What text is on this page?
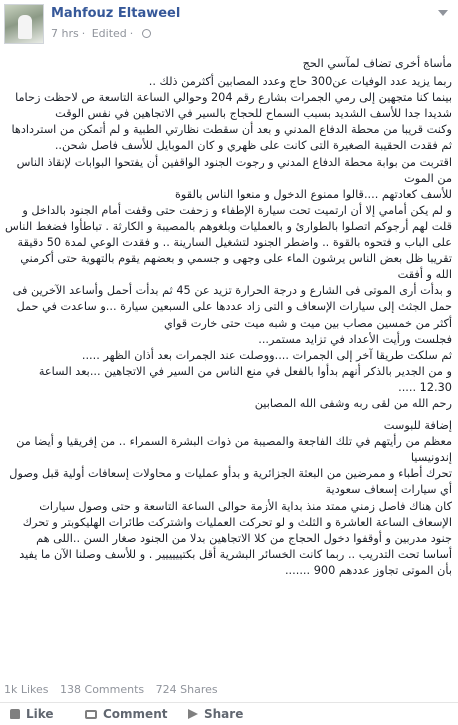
Mahfouz Eltaweel
7 hrs · Edited ·

مأساة أخرى تضاف لمآسي الحج

ربما يزيد عدد الوفيات عن300 حاج وعدد المصابين أكثرمن ذلك ..

بينما كنا متجهين إلى رمي الجمرات بشارع رقم 204 وحوالي الساعة التاسعة ص لاحظت زحاما شديدا جدا للأسف الشديد بسبب السماح للحجاج بالسير في الاتجاهين في نفس الوقت

وكنت قريبا من محطة الدفاع المدني و بعد أن سقطت نظارتي الطبية و لم أتمكن من استردادها ثم فقدت الحقيبة الصغيرة التى كانت على ظهري و كان الموبايل للأسف فاصل شحن..

اقتربت من بوابة محطة الدفاع المدني و رجوت الجنود الواقفين أن يفتحوا البوابات لإنقاذ الناس من الموت

للأسف كعادتهم ....قالوا ممنوع الدخول و منعوا الناس بالقوة

و لم يكن أمامي إلا أن ارتميت تحت سيارة الإطفاء و زحفت حتى وقفت أمام الجنود بالداخل و قلت لهم أرجوكم اتصلوا بالطوارئ و بالعمليات وبلغوهم بالمصيبة و الكارثة . تباطأوا فضغط الناس على الباب و فتحوه بالقوة .. واضطر الجنود لتشغيل السارينة .. و فقدت الوعي لمدة 50 دقيقة تقريبا ظل بعض الناس يرشون الماء على وجهى و جسمي و بعضهم يقوم بالتهوية حتى أكرمني الله و أفقت

و بدأت أرى الموتى فى الشارع و درجة الحرارة تزيد عن 45 ثم بدأت أحمل وأساعد الآخرين فى حمل الجثث إلى سيارات الإسعاف و التى زاد عددها على السبعين سيارة ...و ساعدت في حمل أكثر من خمسين مصاب بين ميت و شبه ميت حتى خارت قواي

فجلست ورأيت الأعداد في تزايد مستمر...

ثم سلكت طريقا آخر إلى الجمرات ....ووصلت عند الجمرات بعد أذان الظهر .....

و من الجدير بالذكر أنهم بدأوا بالفعل في منع الناس من السير في الاتجاهين ...بعد الساعة 12.30 .....

رحم الله من لقى ربه وشفى الله المصابين

إضافة للبوست

معظم من رأيتهم في تلك الفاجعة والمصيبة من ذوات البشرة السمراء .. من إفريقيا و أيضا من إندونيسيا

تحرك أطباء و ممرضين من البعثة الجزائرية و بدأو عمليات و محاولات إسعافات أولية قبل وصول أي سيارات إسعاف سعودية

كان هناك فاصل زمني ممتد منذ بداية الأزمة حوالى الساعة التاسعة و حتى وصول سيارات الإسعاف الساعة العاشرة و الثلث و لو تحركت العمليات واشتركت طائرات الهليكوبتر و تحرك جنود مدربين و أوقفوا دخول الحجاج من كلا الاتجاهين بدلا من الجنود صغار السن ..اللى هم أساسا تحت التدريب .. ربما كانت الخسائر البشرية أقل بكتيييييير . و للأسف وصلنا الآن ما يفيد بأن الموتى تجاوز عددهم 900 .......

1k Likes 138 Comments 724 Shares
Like	Comment	Share
